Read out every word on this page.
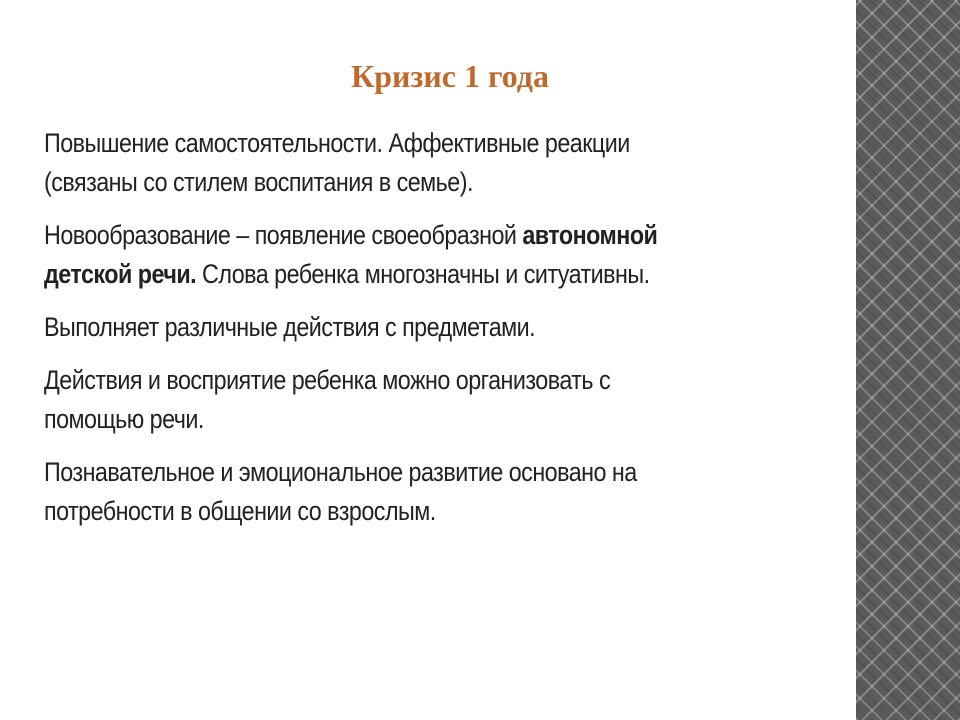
Кризис 1 года

Повышение самостоятельности. Аффективные реакции
(связаны со стилем воспитания в семье).

Новообразование – появление своеобразной автономной
детской речи. Слова ребенка многозначны и ситуативны.

Выполняет различные действия с предметами.

Действия и восприятие ребенка можно организовать с
помощью речи.

Познавательное и эмоциональное развитие основано на
потребности в общении со взрослым.
